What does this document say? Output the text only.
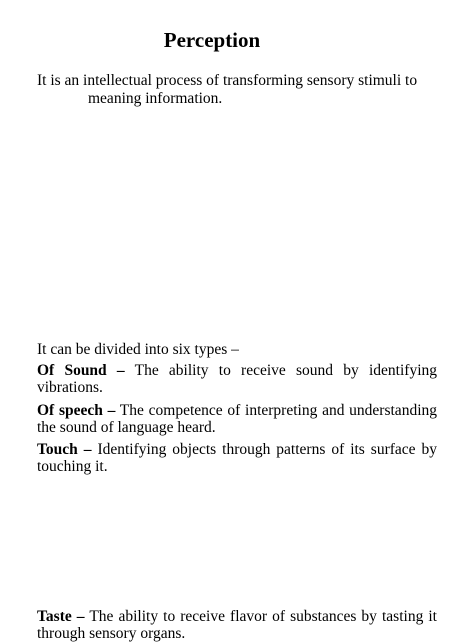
Perception
It is an intellectual process of transforming sensory stimuli to
meaning information.
It can be divided into six types –
Of Sound – The ability to receive sound by identifying vibrations.
Of speech – The competence of interpreting and understanding the sound of language heard.
Touch – Identifying objects through patterns of its surface by touching it.
Taste – The ability to receive flavor of substances by tasting it through sensory organs.
